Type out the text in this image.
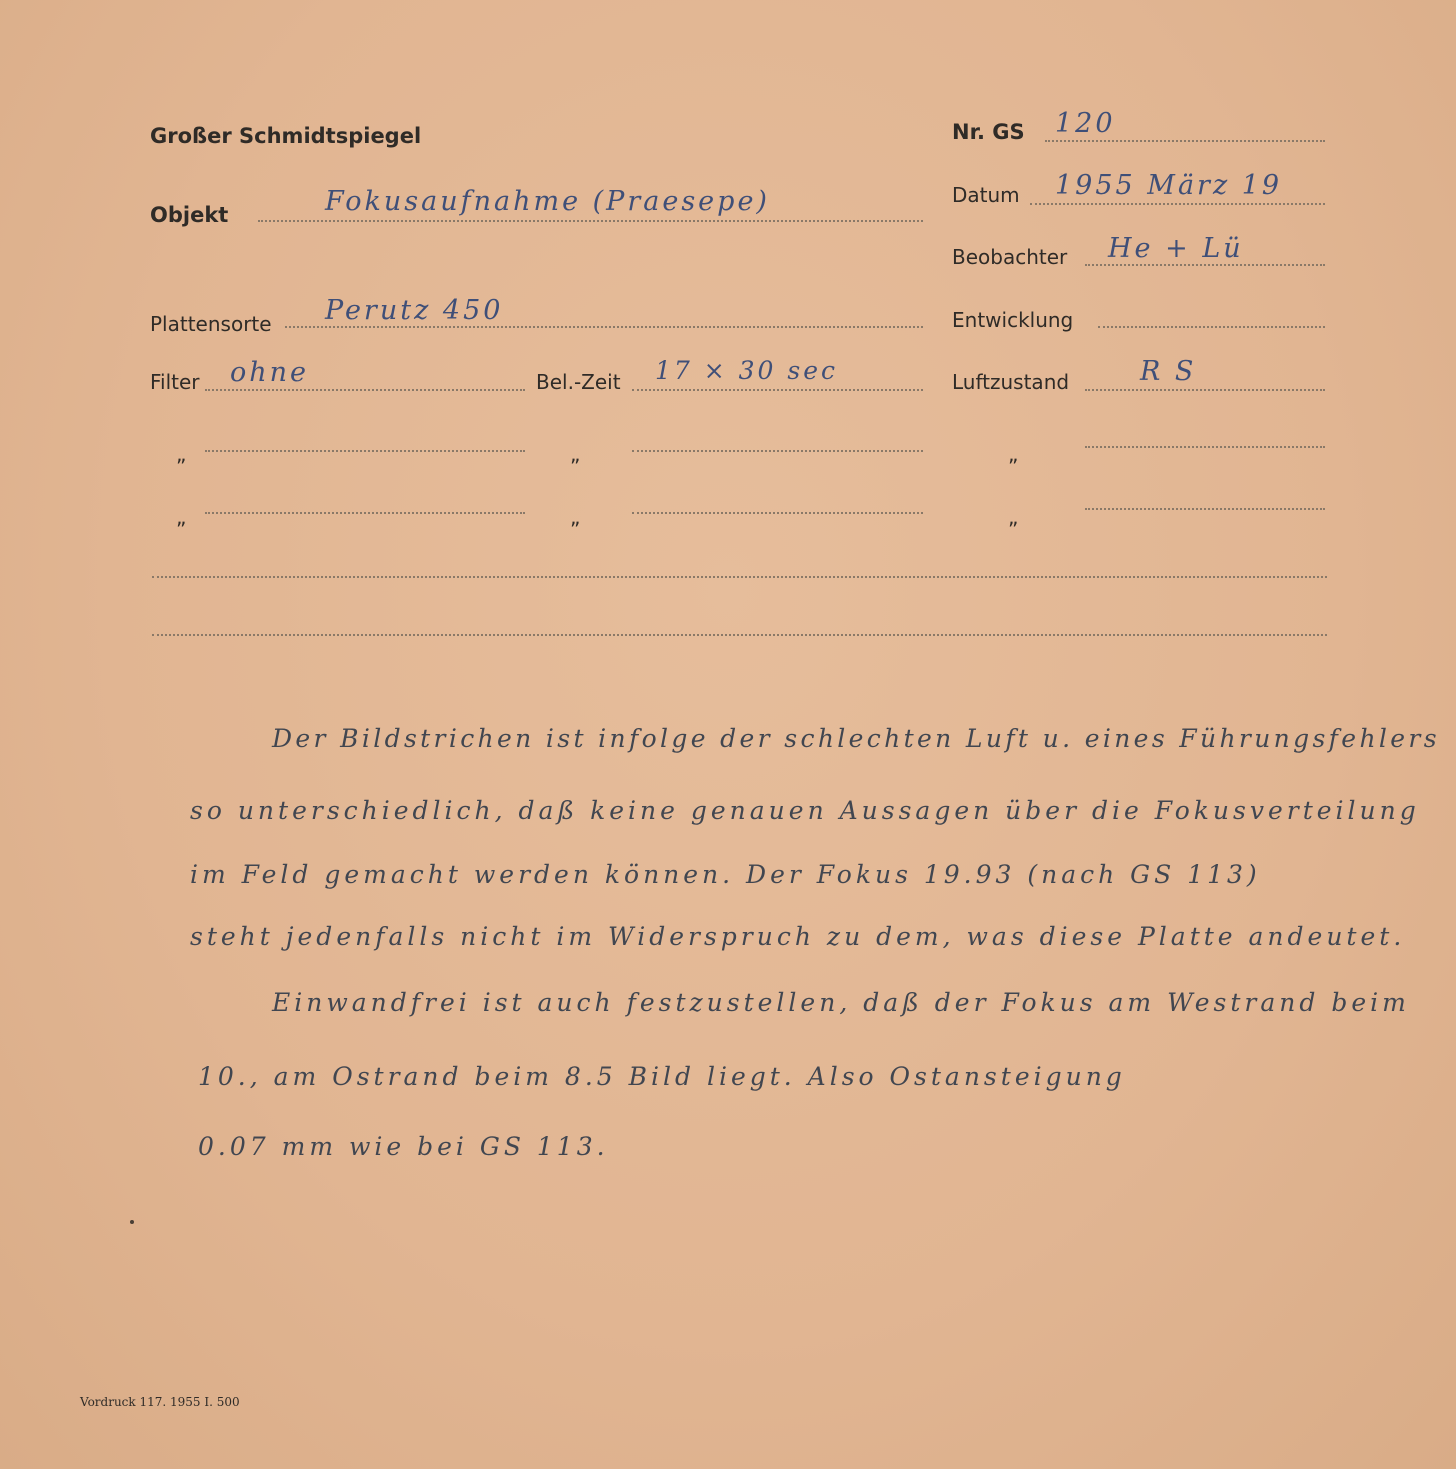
Großer Schmidtspiegel	Nr. GS 120
Objekt	Fokusaufnahme (Praesepe)	Datum 1955 März 19
Beobachter He + Lü
Plattensorte Perutz 450	Entwicklung
Filter ohne	Bel.-Zeit 17 × 30 sec	Luftzustand	R S
„	„	„
„	„	„
Der Bildstrichen ist infolge der schlechten Luft u. eines Führungsfehlers
so unterschiedlich, daß keine genauen Aussagen über die Fokusverteilung
im Feld gemacht werden können. Der Fokus 19.93 (nach GS 113)
steht jedenfalls nicht im Widerspruch zu dem, was diese Platte andeutet.
Einwandfrei ist auch festzustellen, daß der Fokus am Westrand beim
10., am Ostrand beim 8.5 Bild liegt. Also Ostansteigung
0.07 mm wie bei GS 113.
Vordruck 117. 1955 I. 500
